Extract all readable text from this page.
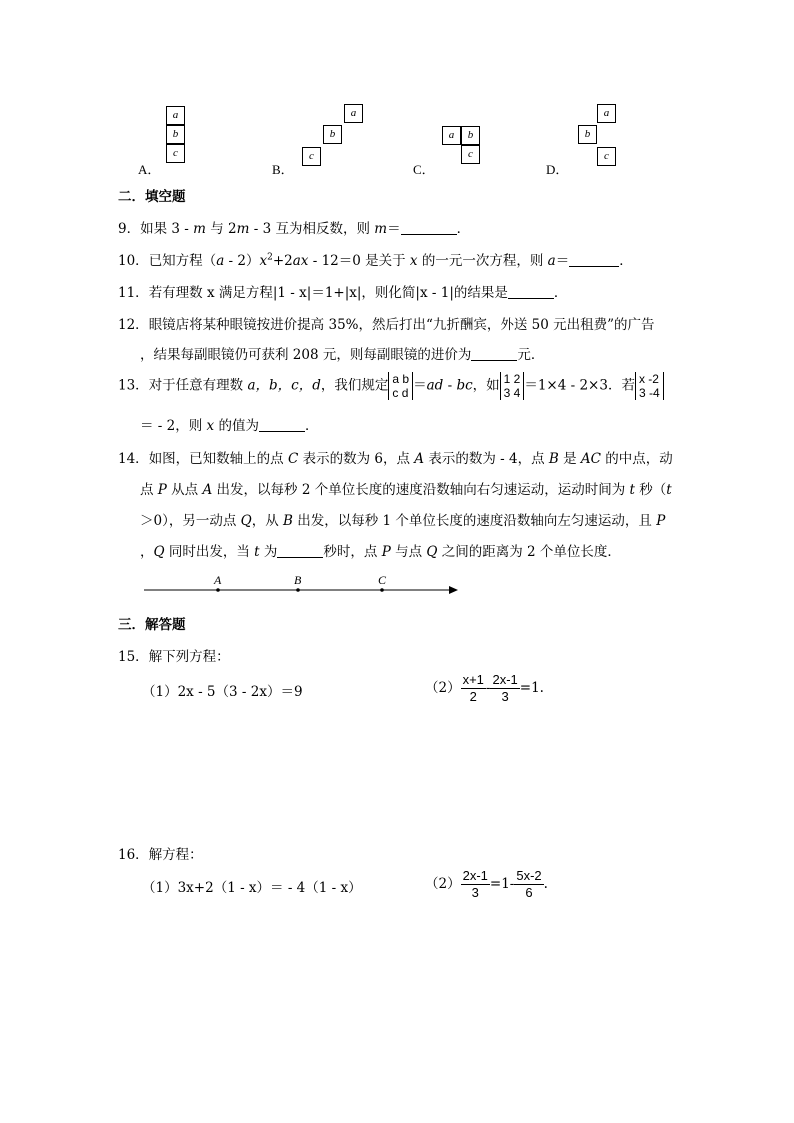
a
b
c
A．
a
b
c
B．
a	b
c
C．
a
b
c
D．
二．填空题
9．如果 3 - m 与 2m - 3 互为相反数，则 m＝	．
10．已知方程$(a - 2)x^2+2ax - 12=0$ 是关于 x 的一元一次方程，则 a＝	．
11．若有理数 x 满足方程|1 - x|＝1+|x|，则化简|x - 1|的结果是	．
12．眼镜店将某种眼镜按进价提高 35%，然后打出“九折酬宾，外送 50 元出租费”的广告
，结果每副眼镜仍可获利 208 元，则每副眼镜的进价为	元．
13．对于任意有理数 a，b，c，d，我们规定 a b
c d ＝ad - bc，如 1 2
3 4 ＝1×4 - 2×3．若 x -2
3 -4
＝ - 2，则 x 的值为	．
14．如图，已知数轴上的点 C 表示的数为 6，点 A 表示的数为 - 4，点 B 是 AC 的中点，动
点 P 从点 A 出发，以每秒 2 个单位长度的速度沿数轴向右匀速运动，运动时间为 t 秒（t
＞0），另一动点 Q，从 B 出发，以每秒 1 个单位长度的速度沿数轴向左匀速运动，且 P
，Q 同时出发，当 t 为	秒时，点 P 与点 Q 之间的距离为 2 个单位长度．
A	B	C
三．解答题
15．解下列方程：
（1）2x - 5（3 - 2x）＝9	$(2) \frac{x+1}{2} - \frac{2x-1}{3} =1$.
16．解方程：
（1）3x+2（1 - x）＝ - 4（1 - x）	$(2) \frac{2x-1}{3} =1- \frac{5x-2}{6}$ .
